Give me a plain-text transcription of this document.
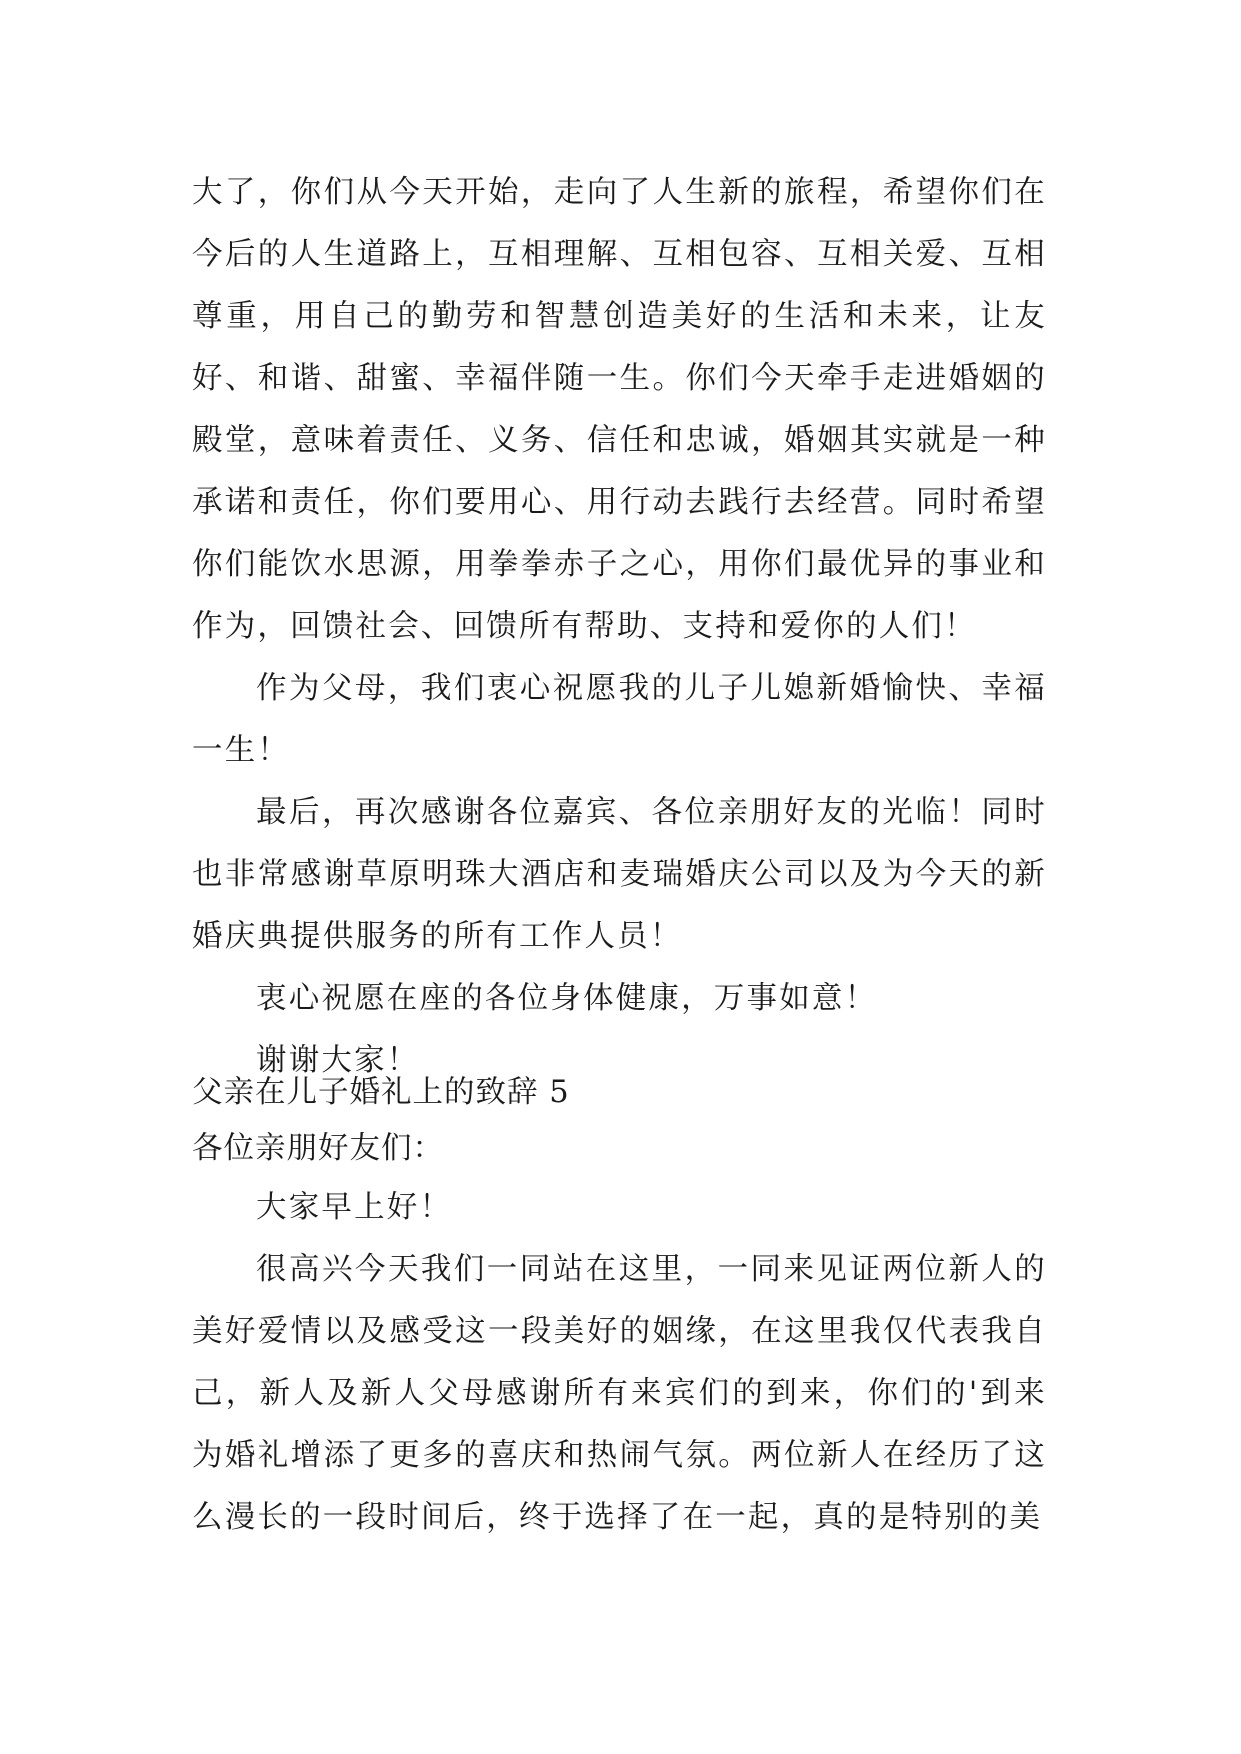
大了，你们从今天开始，走向了人生新的旅程，希望你们在今后的人生道路上，互相理解、互相包容、互相关爱、互相尊重，用自己的勤劳和智慧创造美好的生活和未来，让友好、和谐、甜蜜、幸福伴随一生。你们今天牵手走进婚姻的殿堂，意味着责任、义务、信任和忠诚，婚姻其实就是一种承诺和责任，你们要用心、用行动去践行去经营。同时希望你们能饮水思源，用拳拳赤子之心，用你们最优异的事业和作为，回馈社会、回馈所有帮助、支持和爱你的人们！

作为父母，我们衷心祝愿我的儿子儿媳新婚愉快、幸福一生！

最后，再次感谢各位嘉宾、各位亲朋好友的光临！同时也非常感谢草原明珠大酒店和麦瑞婚庆公司以及为今天的新婚庆典提供服务的所有工作人员！

衷心祝愿在座的各位身体健康，万事如意！

谢谢大家！

父亲在儿子婚礼上的致辞 5

各位亲朋好友们：

大家早上好！

很高兴今天我们一同站在这里，一同来见证两位新人的美好爱情以及感受这一段美好的姻缘，在这里我仅代表我自己，新人及新人父母感谢所有来宾们的到来，你们的'到来为婚礼增添了更多的喜庆和热闹气氛。两位新人在经历了这么漫长的一段时间后，终于选择了在一起，真的是特别的美
